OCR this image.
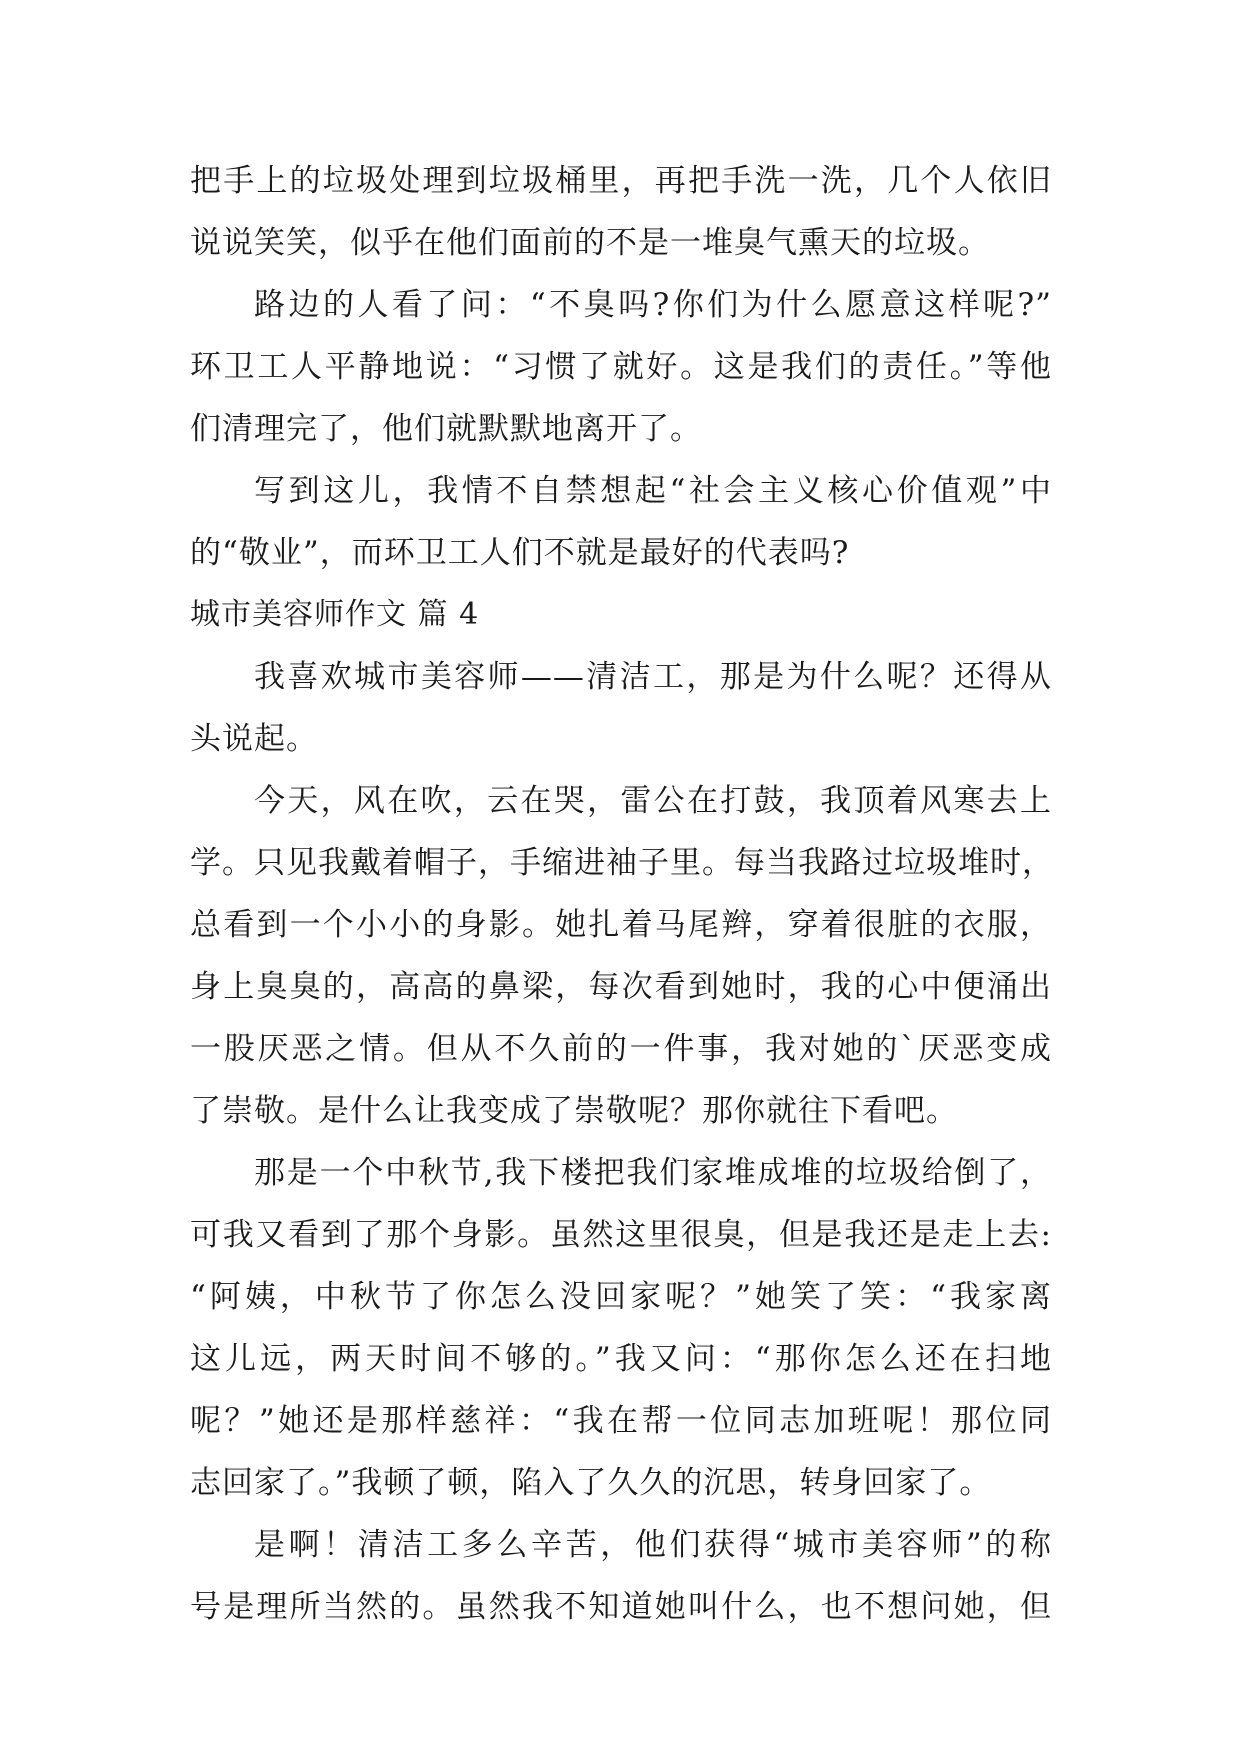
把手上的垃圾处理到垃圾桶里，再把手洗一洗，几个人依旧
说说笑笑，似乎在他们面前的不是一堆臭气熏天的垃圾。
路边的人看了问：“不臭吗?你们为什么愿意这样呢?”
环卫工人平静地说：“习惯了就好。这是我们的责任。”等他
们清理完了，他们就默默地离开了。
写到这儿，我情不自禁想起“社会主义核心价值观”中
的“敬业”，而环卫工人们不就是最好的代表吗?
城市美容师作文 篇 4
我喜欢城市美容师——清洁工，那是为什么呢？还得从
头说起。
今天，风在吹，云在哭，雷公在打鼓，我顶着风寒去上
学。只见我戴着帽子，手缩进袖子里。每当我路过垃圾堆时，
总看到一个小小的身影。她扎着马尾辫，穿着很脏的衣服，
身上臭臭的，高高的鼻梁，每次看到她时，我的心中便涌出
一股厌恶之情。但从不久前的一件事，我对她的`厌恶变成
了崇敬。是什么让我变成了崇敬呢？那你就往下看吧。
那是一个中秋节,我下楼把我们家堆成堆的垃圾给倒了，
可我又看到了那个身影。虽然这里很臭，但是我还是走上去:
“阿姨，中秋节了你怎么没回家呢？”她笑了笑：“我家离
这儿远，两天时间不够的。”我又问：“那你怎么还在扫地
呢？”她还是那样慈祥：“我在帮一位同志加班呢！那位同
志回家了。”我顿了顿，陷入了久久的沉思，转身回家了。
是啊！清洁工多么辛苦，他们获得“城市美容师”的称
号是理所当然的。虽然我不知道她叫什么，也不想问她，但
